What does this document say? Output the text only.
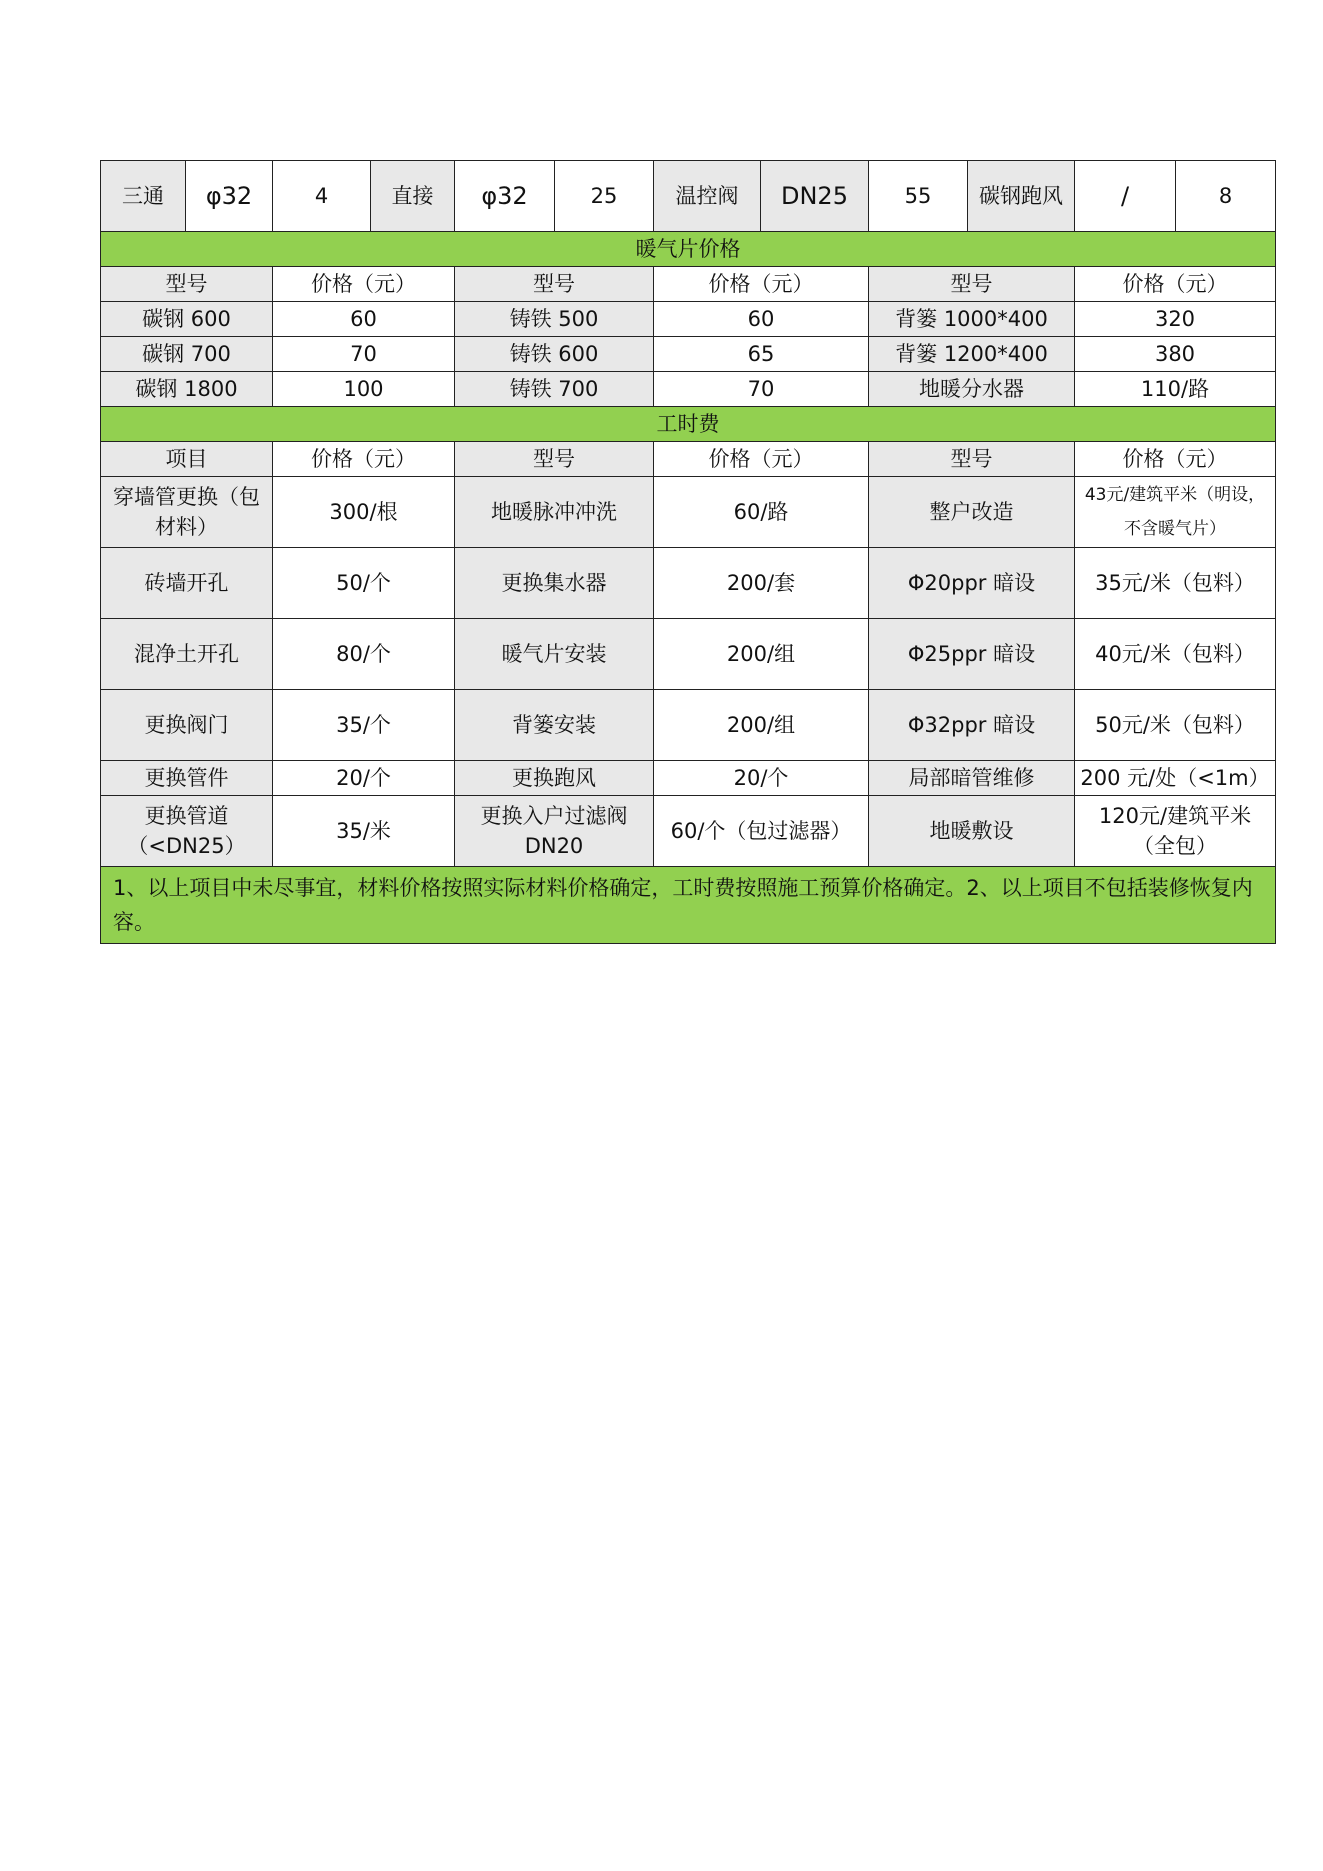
三通	φ32	4	直接	φ32	25	温控阀	DN25	55	碳钢跑风	/	8
暖气片价格											
型号		价格（元）		型号		价格（元）		型号		价格（元）	
碳钢 600		60		铸铁 500		60		背篓 1000*400		320	
碳钢 700		70		铸铁 600		65		背篓 1200*400		380	
碳钢 1800		100		铸铁 700		70		地暖分水器		110/路	
工时费											
项目		价格（元）		型号		价格（元）		型号		价格（元）	
穿墙管更换（包材料）		300/根		地暖脉冲冲洗		60/路		整户改造		43元/建筑平米（明设，不含暖气片）	
砖墙开孔		50/个		更换集水器		200/套		Φ20ppr 暗设		35元/米（包料）	
混净土开孔		80/个		暖气片安装		200/组		Φ25ppr 暗设		40元/米（包料）	
更换阀门		35/个		背篓安装		200/组		Φ32ppr 暗设		50元/米（包料）	
更换管件		20/个		更换跑风		20/个		局部暗管维修		200 元/处（<1m）	
更换管道（<DN25）		35/米		更换入户过滤阀DN20		60/个（包过滤器）		地暖敷设		120元/建筑平米（全包）	
1、以上项目中未尽事宜，材料价格按照实际材料价格确定，工时费按照施工预算价格确定。2、以上项目不包括装修恢复内容。											
